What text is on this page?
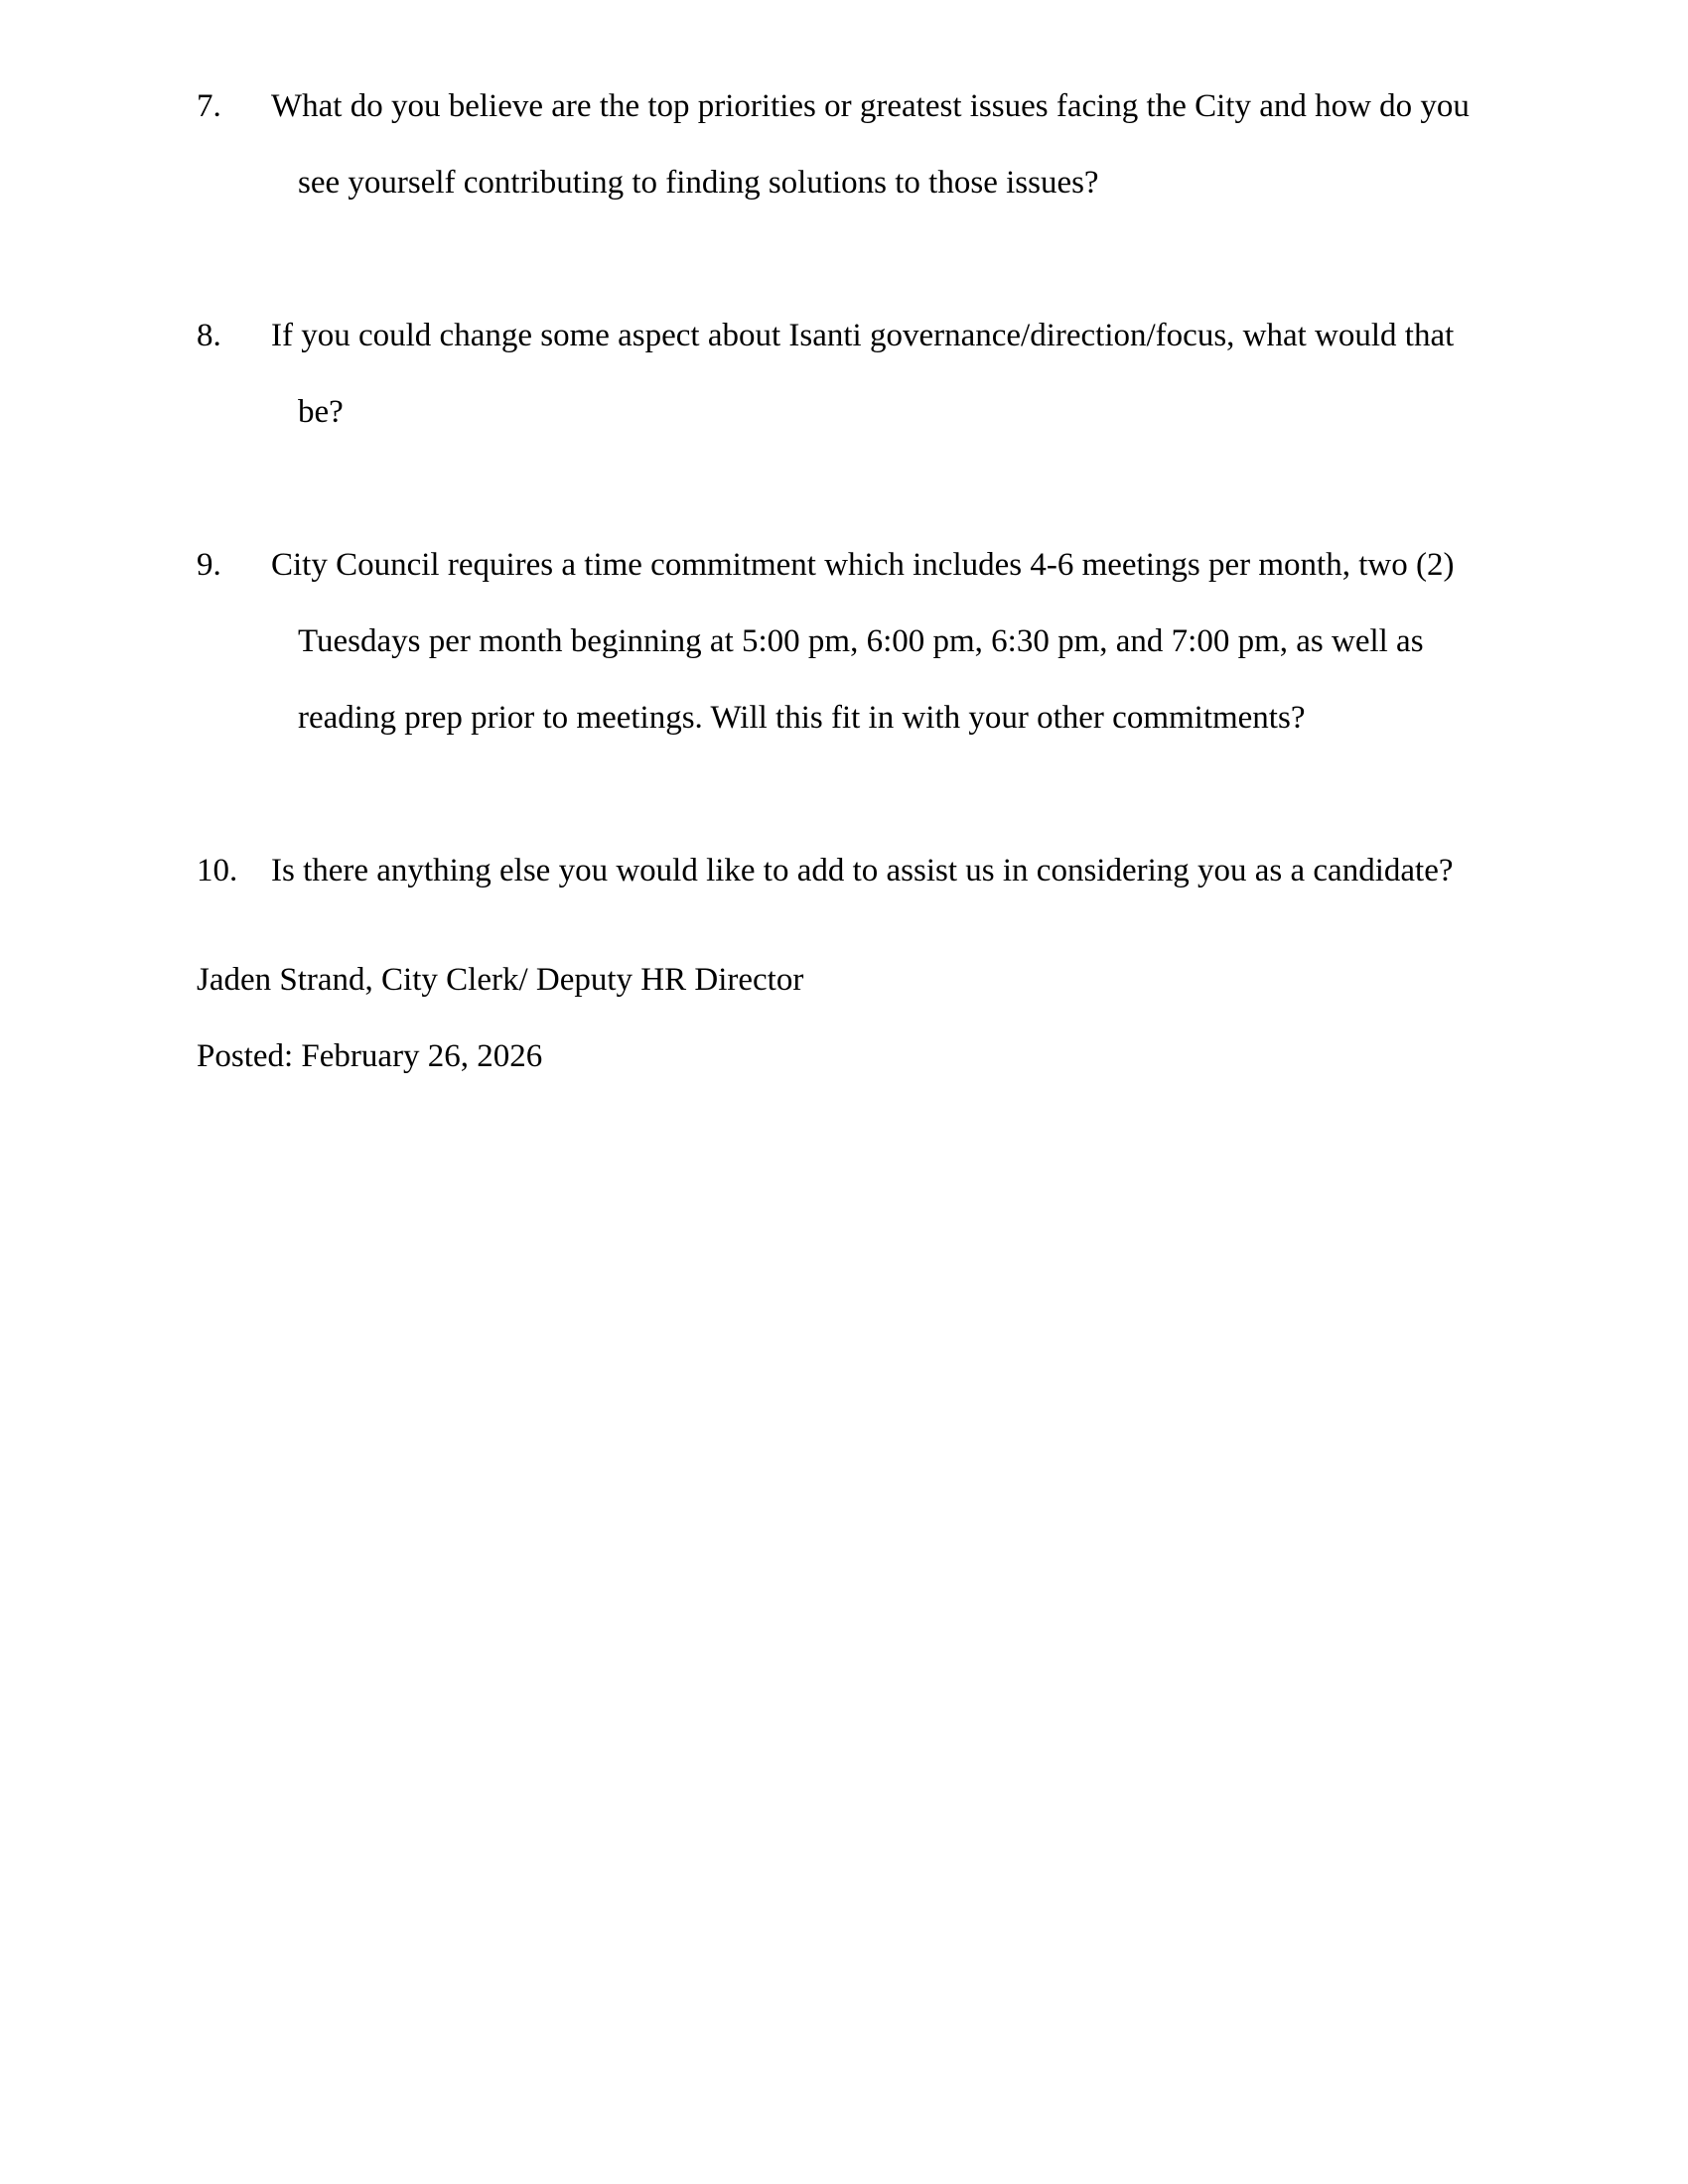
7. What do you believe are the top priorities or greatest issues facing the City and how do you
see yourself contributing to finding solutions to those issues?
8. If you could change some aspect about Isanti governance/direction/focus, what would that
be?
9. City Council requires a time commitment which includes 4-6 meetings per month, two (2)
Tuesdays per month beginning at 5:00 pm, 6:00 pm, 6:30 pm, and 7:00 pm, as well as
reading prep prior to meetings. Will this fit in with your other commitments?
10. Is there anything else you would like to add to assist us in considering you as a candidate?
Jaden Strand, City Clerk/ Deputy HR Director
Posted: February 26, 2026
